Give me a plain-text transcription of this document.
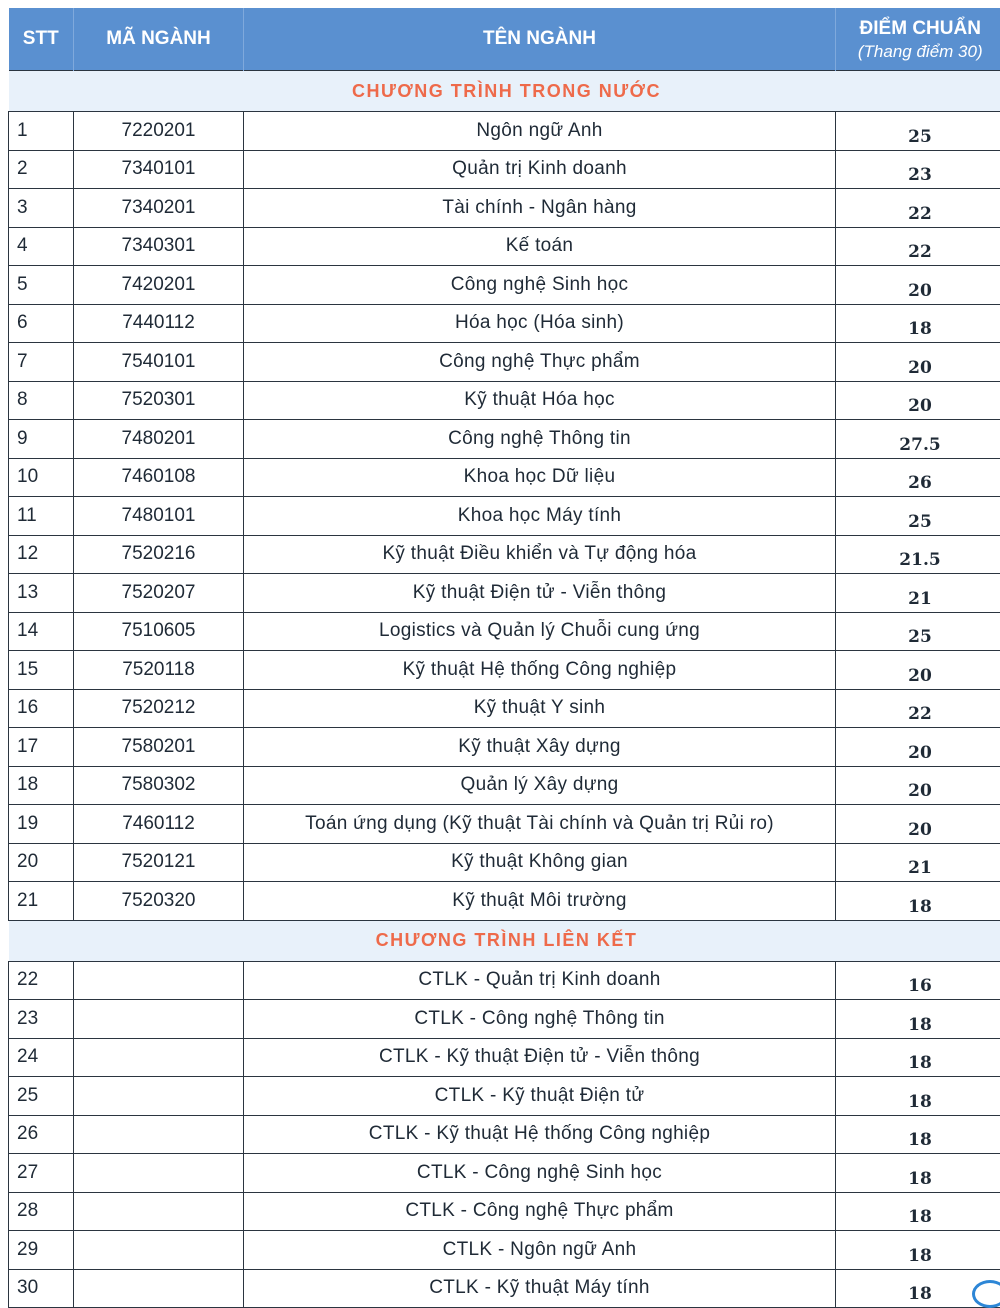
STT	MÃ NGÀNH	TÊN NGÀNH	ĐIỂM CHUẨN
(Thang điểm 30)

CHƯƠNG TRÌNH TRONG NƯỚC			
1	7220201	Ngôn ngữ Anh	25
2	7340101	Quản trị Kinh doanh	23
3	7340201	Tài chính - Ngân hàng	22
4	7340301	Kế toán	22
5	7420201	Công nghệ Sinh học	20
6	7440112	Hóa học (Hóa sinh)	18
7	7540101	Công nghệ Thực phẩm	20
8	7520301	Kỹ thuật Hóa học	20
9	7480201	Công nghệ Thông tin	27.5
10	7460108	Khoa học Dữ liệu	26
11	7480101	Khoa học Máy tính	25
12	7520216	Kỹ thuật Điều khiển và Tự động hóa	21.5
13	7520207	Kỹ thuật Điện tử - Viễn thông	21
14	7510605	Logistics và Quản lý Chuỗi cung ứng	25
15	7520118	Kỹ thuật Hệ thống Công nghiệp	20
16	7520212	Kỹ thuật Y sinh	22
17	7580201	Kỹ thuật Xây dựng	20
18	7580302	Quản lý Xây dựng	20
19	7460112	Toán ứng dụng (Kỹ thuật Tài chính và Quản trị Rủi ro)	20
20	7520121	Kỹ thuật Không gian	21
21	7520320	Kỹ thuật Môi trường	18
CHƯƠNG TRÌNH LIÊN KẾT			
22		CTLK - Quản trị Kinh doanh	16
23		CTLK - Công nghệ Thông tin	18
24		CTLK - Kỹ thuật Điện tử - Viễn thông	18
25		CTLK - Kỹ thuật Điện tử	18
26		CTLK - Kỹ thuật Hệ thống Công nghiệp	18
27		CTLK - Công nghệ Sinh học	18
28		CTLK - Công nghệ Thực phẩm	18
29		CTLK - Ngôn ngữ Anh	18
30		CTLK - Kỹ thuật Máy tính	18
